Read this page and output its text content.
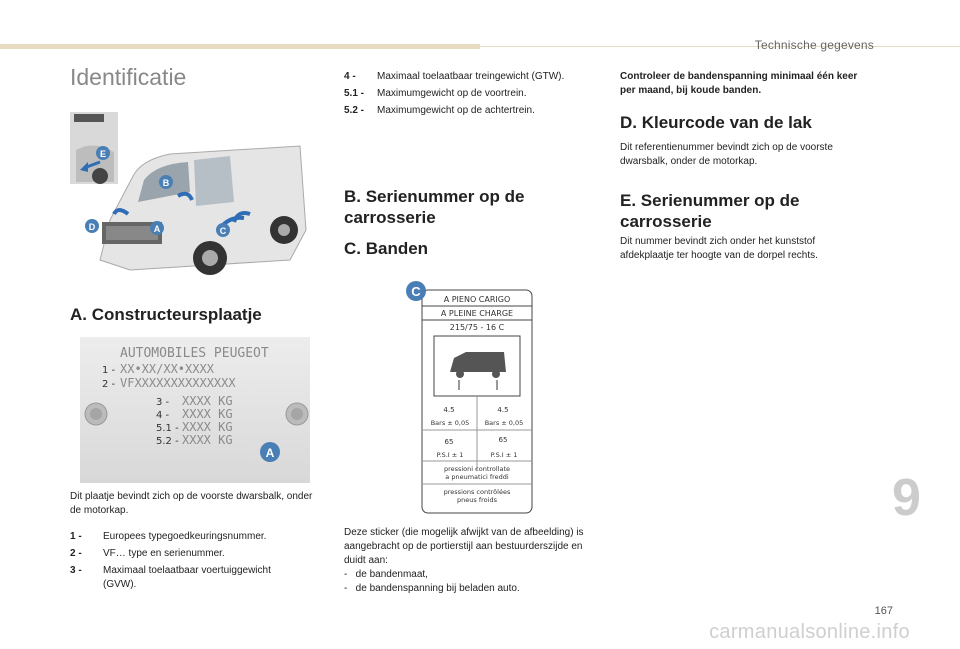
Technische gegevens
Identificatie
E
B
D	A	C
A. Constructeursplaatje
AUTOMOBILES PEUGEOT
1 - XX•XX/XX•XXXX
2 - VFXXXXXXXXXXXXXX
3 - XXXX KG
4 - XXXX KG
5.1 - XXXX KG
5.2 - XXXX KG
A

Dit plaatje bevindt zich op de voorste dwarsbalk, onder de motorkap.

1 -	Europees typegoedkeuringsnummer.
2 -	VF… type en serienummer.
3 -	Maximaal toelaatbaar voertuiggewicht (GVW).
4 -	Maximaal toelaatbaar treingewicht (GTW).
5.1 -	Maximumgewicht op de voortrein.
5.2 -	Maximumgewicht op de achtertrein.
B. Serienummer op de carrosserie
C. Banden
C
A PIENO CARIGO
A PLEINE CHARGE
215/75 - 16 C
4.5	4.5
Bars ± 0,05 Bars ± 0,05
65	65
P.S.I ± 1	P.S.I ± 1
pressioni controllate
a pneumatici freddi
pressions contrôlées
pneus froids

Deze sticker (die mogelijk afwijkt van de afbeelding) is aangebracht op de portierstijl aan bestuurderszijde en duidt aan:

-   de bandenmaat,
-   de bandenspanning bij beladen auto.

Controleer de bandenspanning minimaal één keer per maand, bij koude banden.

D. Kleurcode van de lak

Dit referentienummer bevindt zich op de voorste dwarsbalk, onder de motorkap.

E. Serienummer op de carrosserie

Dit nummer bevindt zich onder het kunststof afdekplaatje ter hoogte van de dorpel rechts.

9
167
carmanualsonline.info
